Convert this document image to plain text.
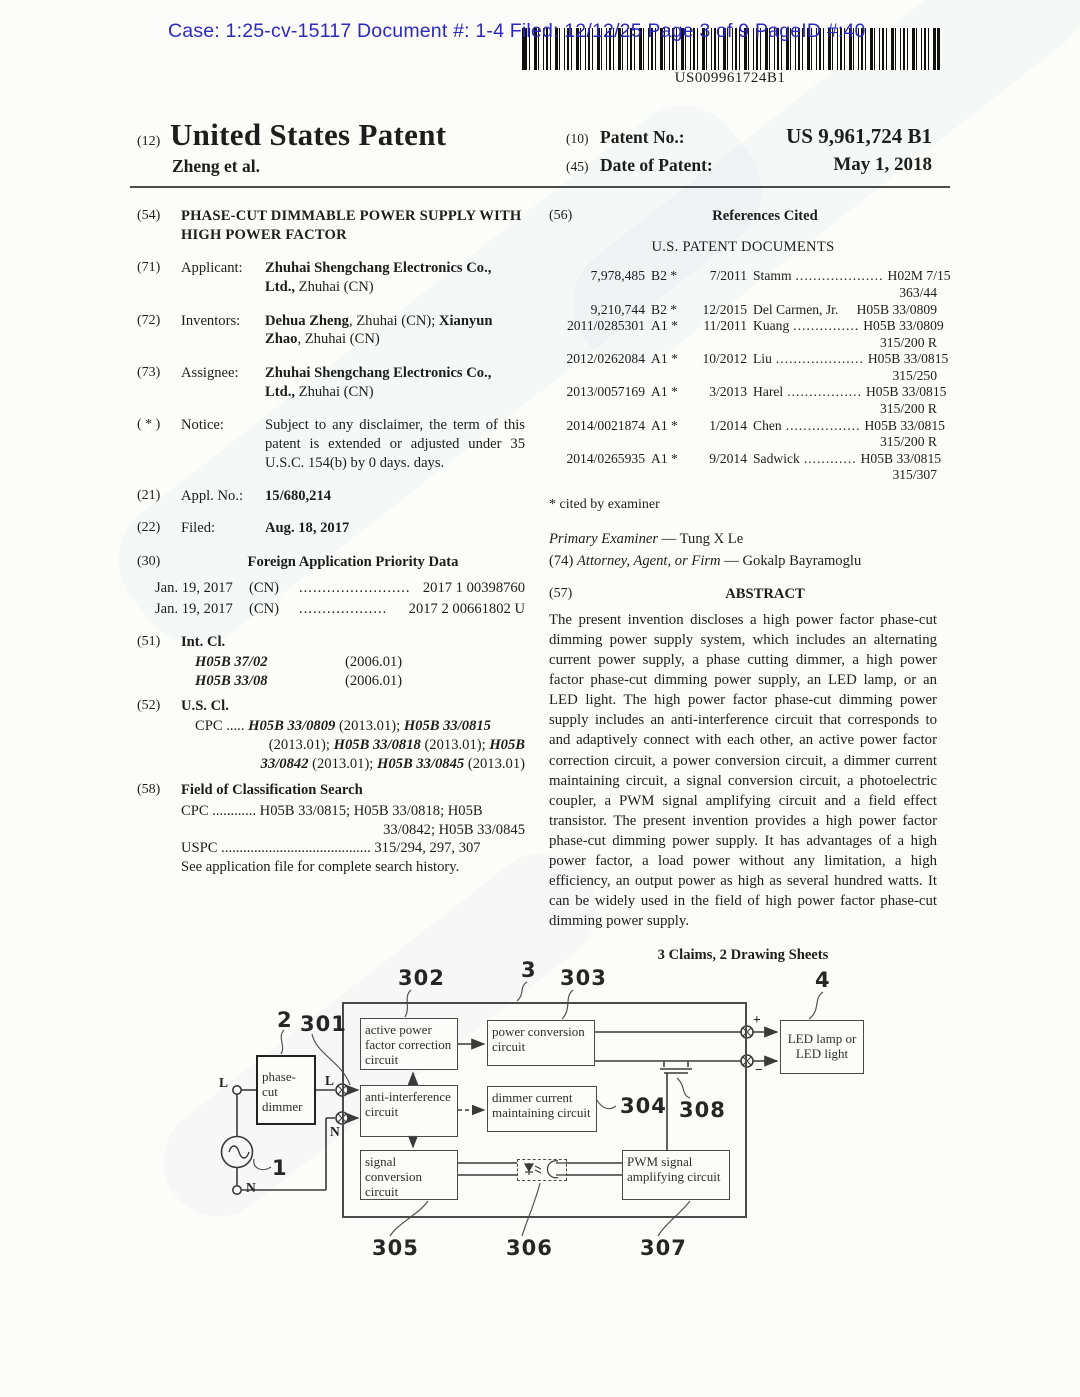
Case: 1:25-cv-15117 Document #: 1-4 Filed: 12/12/25 Page 3 of 9 PageID #:40
US009961724B1
(12) United States Patent
Zheng et al.
(10) Patent No.:	US 9,961,724 B1
(45) Date of Patent:	May 1, 2018
(54)	PHASE-CUT DIMMABLE POWER SUPPLY WITH HIGH POWER FACTOR
(71)	Applicant:	Zhuhai Shengchang Electronics Co., Ltd., Zhuhai (CN)
(72)	Inventors:	Dehua Zheng, Zhuhai (CN); Xianyun Zhao, Zhuhai (CN)
(73)	Assignee:	Zhuhai Shengchang Electronics Co., Ltd., Zhuhai (CN)
( * )	Notice:	Subject to any disclaimer, the term of this patent is extended or adjusted under 35 U.S.C. 154(b) by 0 days. days.
(21)	Appl. No.:	15/680,214
(22)	Filed:	Aug. 18, 2017
(30)	Foreign Application Priority Data
Jan. 19, 2017	(CN)	........................ 2017 1 00398760
Jan. 19, 2017	(CN)	...................	2017 2 00661802 U
(51)	Int. Cl.
H05B 37/02	(2006.01)
H05B 33/08	(2006.01)
(52)	U.S. Cl.
CPC ..... H05B 33/0809 (2013.01); H05B 33/0815
(2013.01); H05B 33/0818 (2013.01); H05B
33/0842 (2013.01); H05B 33/0845 (2013.01)
(58)	Field of Classification Search
CPC ............ H05B 33/0815; H05B 33/0818; H05B
33/0842; H05B 33/0845
USPC ......................................... 315/294, 297, 307
See application file for complete search history.
(56)	References Cited
U.S. PATENT DOCUMENTS
7,978,485 B2 *	7/2011 Stamm .................... H02M 7/15
363/44
9,210,744 B2 *	12/2015 Del Carmen, Jr. H05B 33/0809
2011/0285301 A1 *	11/2011 Kuang ............... H05B 33/0809
315/200 R
2012/0262084 A1 *	10/2012 Liu .................... H05B 33/0815
315/250
2013/0057169 A1 *	3/2013 Harel ................. H05B 33/0815
315/200 R
2014/0021874 A1 *	1/2014 Chen ................. H05B 33/0815
315/200 R
2014/0265935 A1 *	9/2014 Sadwick ............ H05B 33/0815
315/307
* cited by examiner
Primary Examiner — Tung X Le
(74) Attorney, Agent, or Firm — Gokalp Bayramoglu
(57)	ABSTRACT
The present invention discloses a high power factor phase-cut dimming power supply system, which includes an alternating current power supply, a phase cutting dimmer, a high power factor phase-cut dimming power supply, an LED lamp, or an LED light. The high power factor phase-cut dimming power supply includes an anti-interference circuit that corresponds to and adaptively connect with each other, an active power factor correction circuit, a power conversion circuit, a dimmer current maintaining circuit, a signal conversion circuit, a photoelectric coupler, a PWM signal amplifying circuit and a field effect transistor. The present invention provides a high power factor phase-cut dimming power supply. It has advantages of a high power factor, a load power without any limitation, a high efficiency, an output power as high as several hundred watts. It can be widely used in the field of high power factor phase-cut dimming power supply.
3 Claims, 2 Drawing Sheets
phase-cut dimmer
active power factor correction circuit
power conversion circuit
anti-interference circuit
dimmer current maintaining circuit
signal conversion circuit
PWM signal amplifying circuit
LED lamp or LED light
1
2 301
302	3 303	4
304 308
305	306	307
L	L
N
N
+
−
